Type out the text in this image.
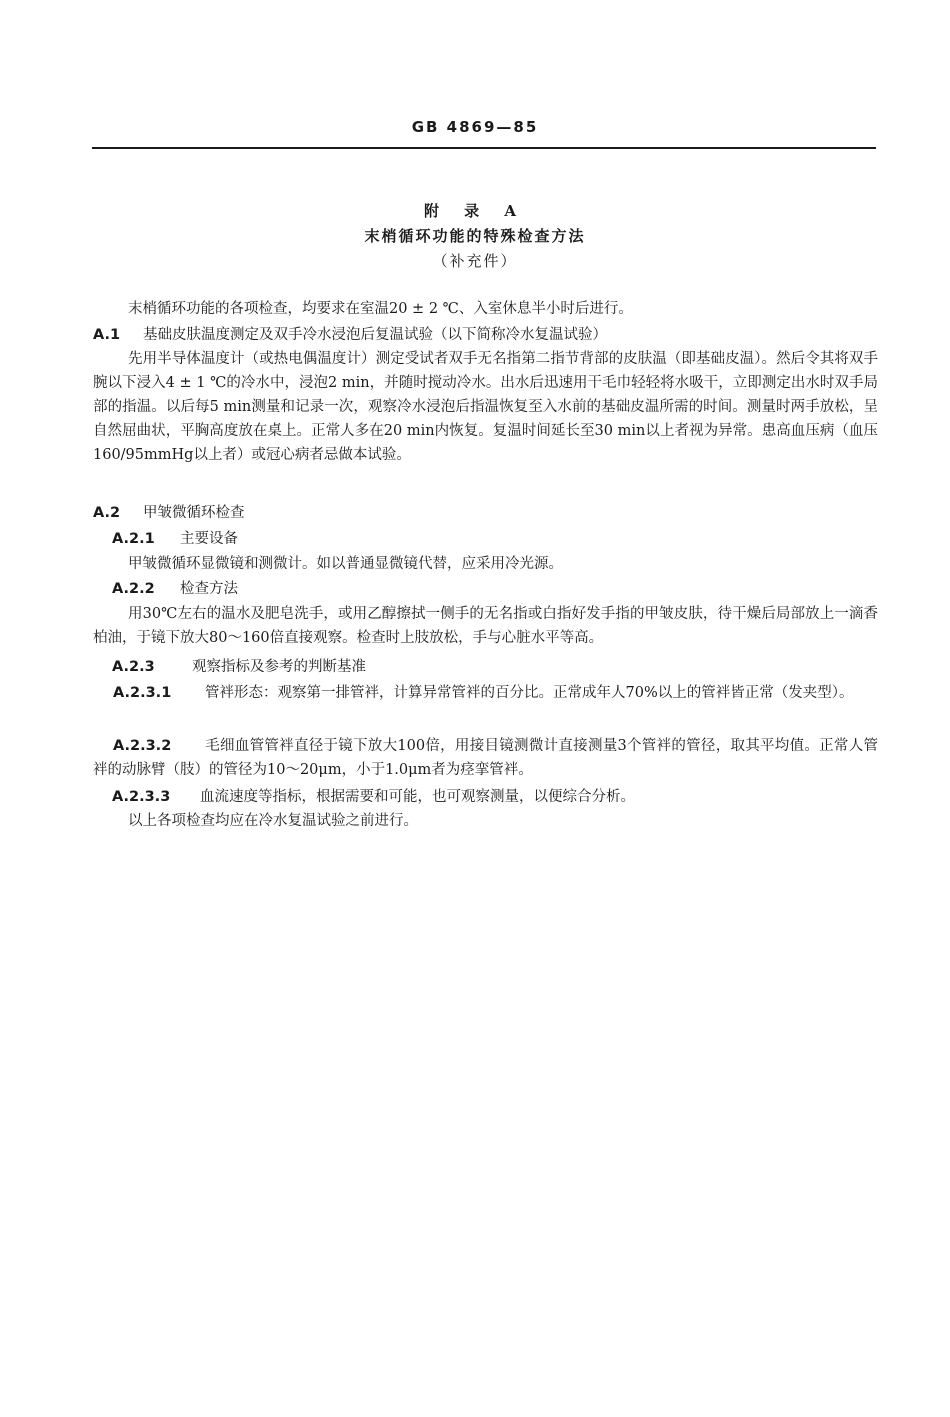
GB 4869—85
附 录 A
末梢循环功能的特殊检查方法
（补充件）
末梢循环功能的各项检查，均要求在室温20 ± 2 ℃、入室休息半小时后进行。
A.1 基础皮肤温度测定及双手冷水浸泡后复温试验（以下简称冷水复温试验）
先用半导体温度计（或热电偶温度计）测定受试者双手无名指第二指节背部的皮肤温（即基础皮温）。然后令其将双手腕以下浸入4 ± 1 ℃的冷水中，浸泡2 min，并随时搅动冷水。出水后迅速用干毛巾轻轻将水吸干，立即测定出水时双手局部的指温。以后每5 min测量和记录一次，观察冷水浸泡后指温恢复至入水前的基础皮温所需的时间。测量时两手放松，呈自然屈曲状，平胸高度放在桌上。正常人多在20 min内恢复。复温时间延长至30 min以上者视为异常。患高血压病（血压160/95mmHg以上者）或冠心病者忌做本试验。
A.2 甲皱微循环检查
A.2.1 主要设备
甲皱微循环显微镜和测微计。如以普通显微镜代替，应采用冷光源。
A.2.2 检查方法
用30℃左右的温水及肥皂洗手，或用乙醇擦拭一侧手的无名指或白指好发手指的甲皱皮肤，待干燥后局部放上一滴香柏油，于镜下放大80～160倍直接观察。检查时上肢放松，手与心脏水平等高。
A.2.3	观察指标及参考的判断基准
A.2.3.1 管袢形态：观察第一排管袢，计算异常管袢的百分比。正常成年人70%以上的管袢皆正常（发夹型）。
A.2.3.2 毛细血管管袢直径于镜下放大100倍，用接目镜测微计直接测量3个管袢的管径，取其平均值。正常人管袢的动脉臂（肢）的管径为10～20μm，小于1.0μm者为痉挛管袢。
A.2.3.3 血流速度等指标，根据需要和可能，也可观察测量，以便综合分析。
以上各项检查均应在冷水复温试验之前进行。
